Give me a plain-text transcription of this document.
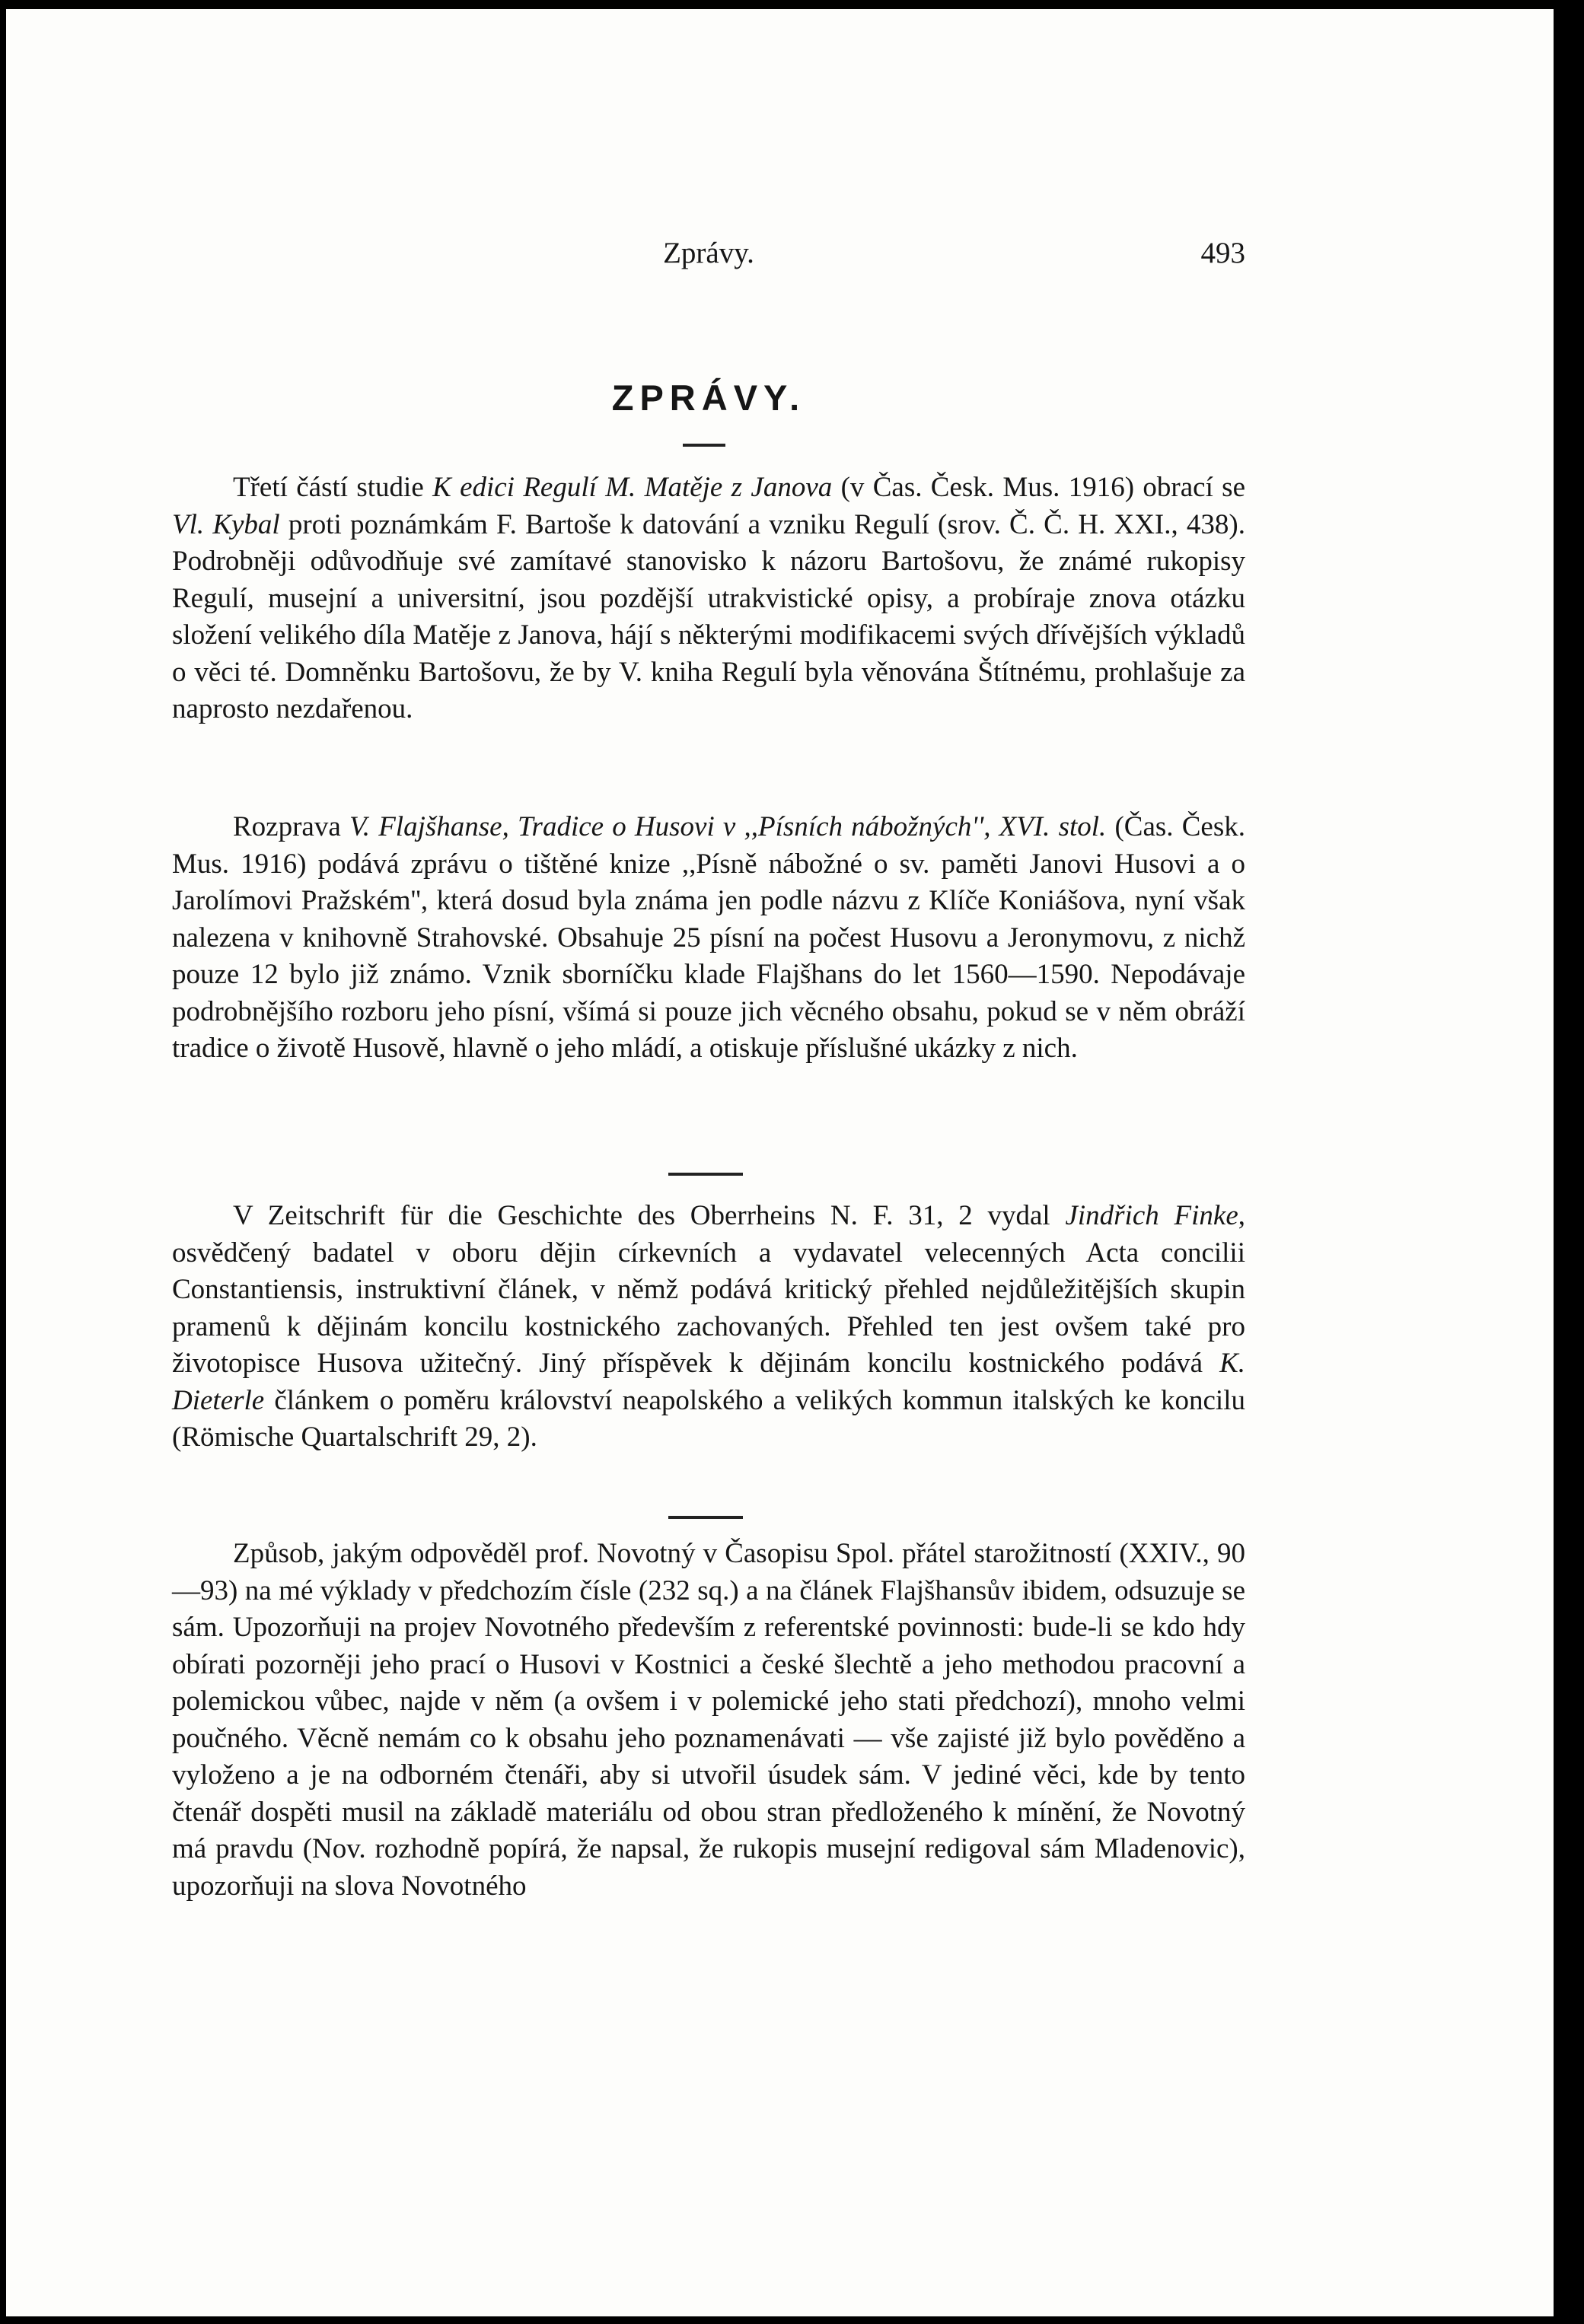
Zprávy.	493
ZPRÁVY.

Třetí částí studie K edici Regulí M. Matěje z Janova (v Čas. Česk. Mus. 1916) obrací se Vl. Kybal proti poznámkám F. Bartoše k datování a vzniku Regulí (srov. Č. Č. H. XXI., 438). Podrobněji odůvodňuje své zamítavé stanovisko k názoru Bartošovu, že známé rukopisy Regulí, musejní a universitní, jsou pozdější utrakvistické opisy, a probíraje znova otázku složení velikého díla Matěje z Janova, hájí s některými modifikacemi svých dřívějších výkladů o věci té. Domněnku Bartošovu, že by V. kniha Regulí byla věnována Štítnému, prohlašuje za naprosto nezdařenou.

Rozprava V. Flajšhanse, Tradice o Husovi v ,,Písních nábožných'', XVI. stol. (Čas. Česk. Mus. 1916) podává zprávu o tištěné knize ,,Písně nábožné o sv. paměti Janovi Husovi a o Jarolímovi Pražském'', která dosud byla známa jen podle názvu z Klíče Koniášova, nyní však nalezena v knihovně Strahovské. Obsahuje 25 písní na počest Husovu a Jeronymovu, z nichž pouze 12 bylo již známo. Vznik sborníčku klade Flajšhans do let 1560—1590. Nepodávaje podrobnějšího rozboru jeho písní, všímá si pouze jich věcného obsahu, pokud se v něm obráží tradice o životě Husově, hlavně o jeho mládí, a otiskuje příslušné ukázky z nich.

V Zeitschrift für die Geschichte des Oberrheins N. F. 31, 2 vydal Jindřich Finke, osvědčený badatel v oboru dějin církevních a vydavatel velecenných Acta concilii Constantiensis, instruktivní článek, v němž podává kritický přehled nejdůležitějších skupin pramenů k dějinám koncilu kostnického zachovaných. Přehled ten jest ovšem také pro životopisce Husova užitečný. Jiný příspěvek k dějinám koncilu kostnického podává K. Dieterle článkem o poměru království neapolského a velikých kommun italských ke koncilu (Römische Quartalschrift 29, 2).

Způsob, jakým odpověděl prof. Novotný v Časopisu Spol. přátel starožitností (XXIV., 90—93) na mé výklady v předchozím čísle (232 sq.) a na článek Flajšhansův ibidem, odsuzuje se sám. Upozorňuji na projev Novotného především z referentské povinnosti: bude-li se kdo hdy obírati pozorněji jeho prací o Husovi v Kostnici a české šlechtě a jeho methodou pracovní a polemickou vůbec, najde v něm (a ovšem i v polemické jeho stati předchozí), mnoho velmi poučného. Věcně nemám co k obsahu jeho poznamenávati — vše zajisté již bylo pověděno a vyloženo a je na odborném čtenáři, aby si utvořil úsudek sám. V jediné věci, kde by tento čtenář dospěti musil na základě materiálu od obou stran předloženého k mínění, že Novotný má pravdu (Nov. rozhodně popírá, že napsal, že rukopis musejní redigoval sám Mladenovic), upozorňuji na slova Novotného
